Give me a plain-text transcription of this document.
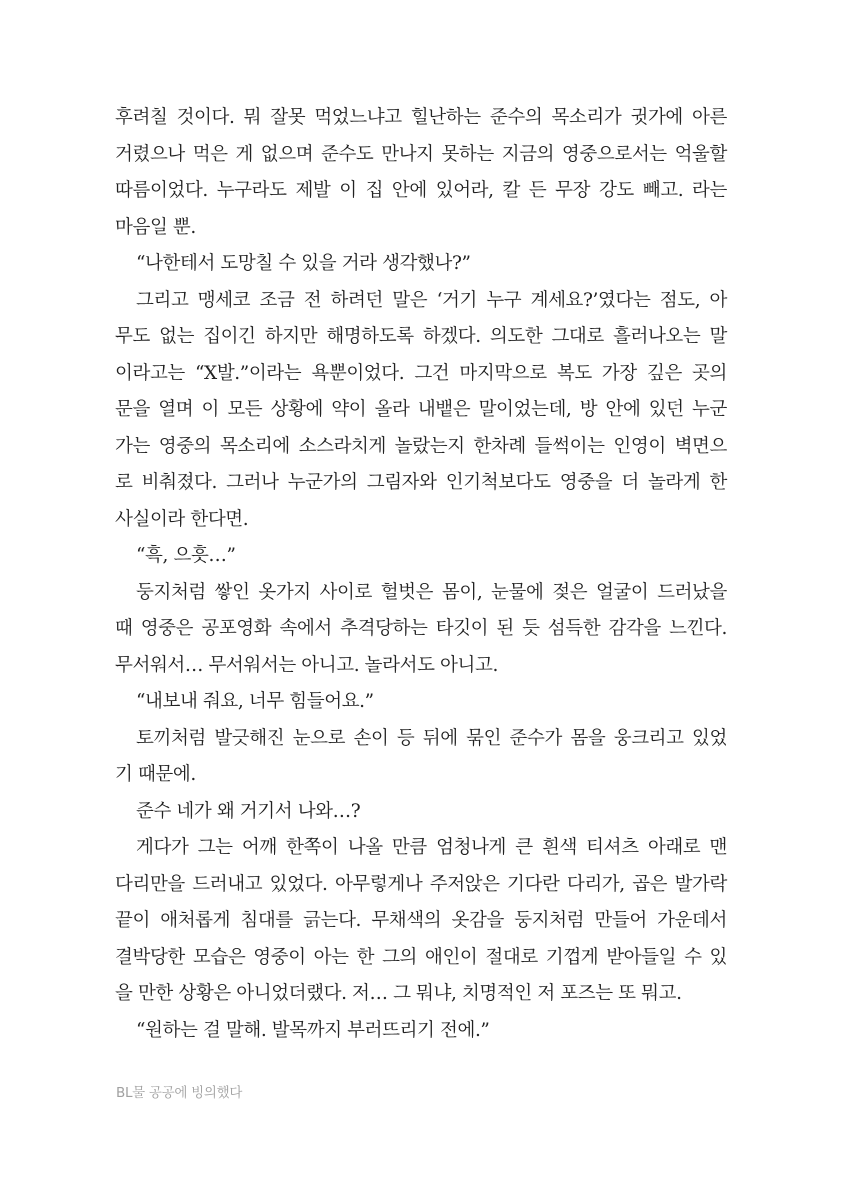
후려칠 것이다. 뭐 잘못 먹었느냐고 힐난하는 준수의 목소리가 귓가에 아른
거렸으나 먹은 게 없으며 준수도 만나지 못하는 지금의 영중으로서는 억울할
따름이었다. 누구라도 제발 이 집 안에 있어라, 칼 든 무장 강도 빼고. 라는
마음일 뿐.
“나한테서 도망칠 수 있을 거라 생각했나?”
그리고 맹세코 조금 전 하려던 말은 ‘거기 누구 계세요?’였다는 점도, 아
무도 없는 집이긴 하지만 해명하도록 하겠다. 의도한 그대로 흘러나오는 말
이라고는 “X발.”이라는 욕뿐이었다. 그건 마지막으로 복도 가장 깊은 곳의
문을 열며 이 모든 상황에 약이 올라 내뱉은 말이었는데, 방 안에 있던 누군
가는 영중의 목소리에 소스라치게 놀랐는지 한차례 들썩이는 인영이 벽면으
로 비춰졌다. 그러나 누군가의 그림자와 인기척보다도 영중을 더 놀라게 한
사실이라 한다면.
“흑, 으흣…”
둥지처럼 쌓인 옷가지 사이로 헐벗은 몸이, 눈물에 젖은 얼굴이 드러났을
때 영중은 공포영화 속에서 추격당하는 타깃이 된 듯 섬득한 감각을 느낀다.
무서워서… 무서워서는 아니고. 놀라서도 아니고.
“내보내 줘요, 너무 힘들어요.”
토끼처럼 발긋해진 눈으로 손이 등 뒤에 묶인 준수가 몸을 웅크리고 있었
기 때문에.
준수 네가 왜 거기서 나와…?
게다가 그는 어깨 한쪽이 나올 만큼 엄청나게 큰 흰색 티셔츠 아래로 맨
다리만을 드러내고 있었다. 아무렇게나 주저앉은 기다란 다리가, 곱은 발가락
끝이 애처롭게 침대를 긁는다. 무채색의 옷감을 둥지처럼 만들어 가운데서
결박당한 모습은 영중이 아는 한 그의 애인이 절대로 기껍게 받아들일 수 있
을 만한 상황은 아니었더랬다. 저… 그 뭐냐, 치명적인 저 포즈는 또 뭐고.
“원하는 걸 말해. 발목까지 부러뜨리기 전에.”
BL물 공공에 빙의했다
